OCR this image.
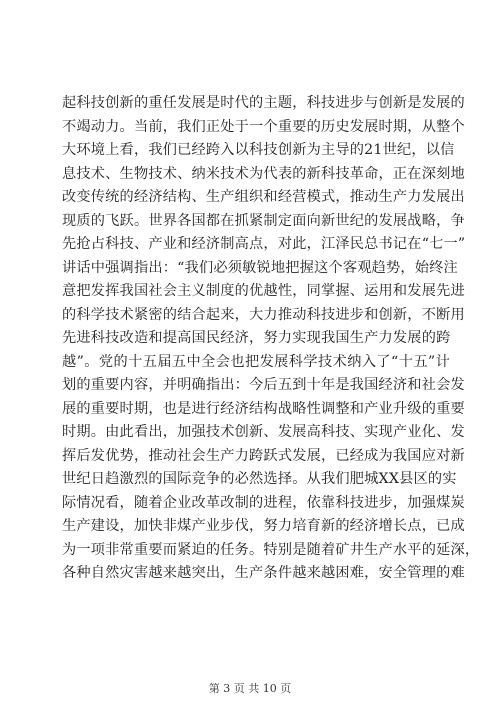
起科技创新的重任发展是时代的主题，科技进步与创新是发展的
不竭动力。当前，我们正处于一个重要的历史发展时期，从整个
大环境上看，我们已经跨入以科技创新为主导的21世纪，以信
息技术、生物技术、纳米技术为代表的新科技革命，正在深刻地
改变传统的经济结构、生产组织和经营模式，推动生产力发展出
现质的飞跃。世界各国都在抓紧制定面向新世纪的发展战略，争
先抢占科技、产业和经济制高点，对此，江泽民总书记在“七一”
讲话中强调指出：“我们必须敏锐地把握这个客观趋势，始终注
意把发挥我国社会主义制度的优越性，同掌握、运用和发展先进
的科学技术紧密的结合起来，大力推动科技进步和创新，不断用
先进科技改造和提高国民经济，努力实现我国生产力发展的跨
越”。党的十五届五中全会也把发展科学技术纳入了“十五”计
划的重要内容，并明确指出：今后五到十年是我国经济和社会发
展的重要时期，也是进行经济结构战略性调整和产业升级的重要
时期。由此看出，加强技术创新、发展高科技、实现产业化、发
挥后发优势，推动社会生产力跨跃式发展，已经成为我国应对新
世纪日趋激烈的国际竞争的必然选择。从我们肥城XX县区的实
际情况看，随着企业改革改制的进程，依靠科技进步，加强煤炭
生产建设，加快非煤产业步伐，努力培育新的经济增长点，已成
为一项非常重要而紧迫的任务。特别是随着矿井生产水平的延深，
各种自然灾害越来越突出，生产条件越来越困难，安全管理的难
第 3 页 共 10 页
